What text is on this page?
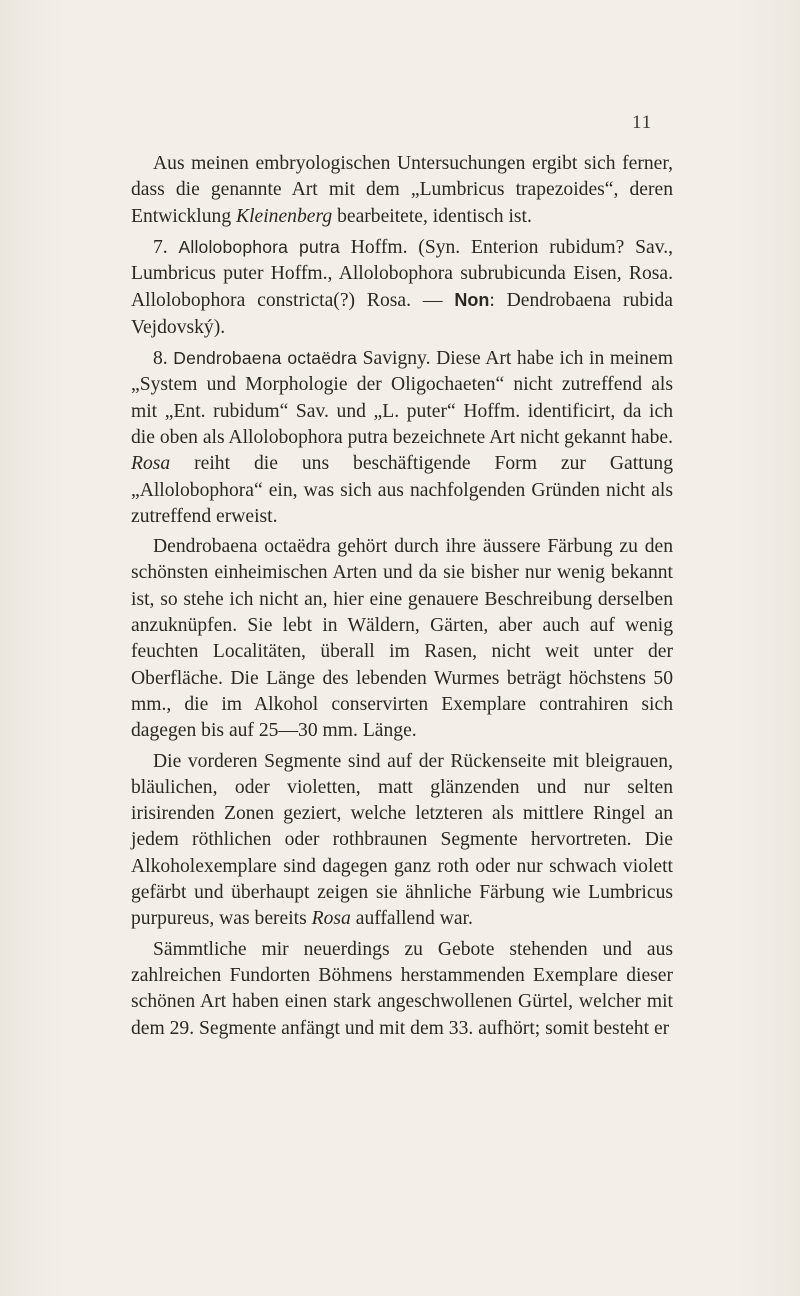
11

Aus meinen embryologischen Untersuchungen ergibt sich ferner, dass die genannte Art mit dem „Lumbricus trapezoides“, deren Entwicklung Kleinenberg bearbeitete, identisch ist.

7. Allolobophora putra Hoffm. (Syn. Enterion rubidum? Sav., Lumbricus puter Hoffm., Allolobophora subrubicunda Eisen, Rosa. Allolobophora constricta(?) Rosa. — Non: Dendrobaena rubida Vejdovský).

8. Dendrobaena octaëdra Savigny. Diese Art habe ich in meinem „System und Morphologie der Oligochaeten“ nicht zutreffend als mit „Ent. rubidum“ Sav. und „L. puter“ Hoffm. identificirt, da ich die oben als Allolobophora putra bezeichnete Art nicht gekannt habe. Rosa reiht die uns beschäftigende Form zur Gattung „Allolobophora“ ein, was sich aus nachfolgenden Gründen nicht als zutreffend erweist.

Dendrobaena octaëdra gehört durch ihre äussere Färbung zu den schönsten einheimischen Arten und da sie bisher nur wenig bekannt ist, so stehe ich nicht an, hier eine genauere Beschreibung derselben anzuknüpfen. Sie lebt in Wäldern, Gärten, aber auch auf wenig feuchten Localitäten, überall im Rasen, nicht weit unter der Oberfläche. Die Länge des lebenden Wurmes beträgt höchstens 50 mm., die im Alkohol conservirten Exemplare contrahiren sich dagegen bis auf 25—30 mm. Länge.

Die vorderen Segmente sind auf der Rückenseite mit bleigrauen, bläulichen, oder violetten, matt glänzenden und nur selten irisirenden Zonen geziert, welche letzteren als mittlere Ringel an jedem röthlichen oder rothbraunen Segmente hervortreten. Die Alkoholexemplare sind dagegen ganz roth oder nur schwach violett gefärbt und überhaupt zeigen sie ähnliche Färbung wie Lumbricus purpureus, was bereits Rosa auffallend war.

Sämmtliche mir neuerdings zu Gebote stehenden und aus zahlreichen Fundorten Böhmens herstammenden Exemplare dieser schönen Art haben einen stark angeschwollenen Gürtel, welcher mit dem 29. Segmente anfängt und mit dem 33. aufhört; somit besteht er
